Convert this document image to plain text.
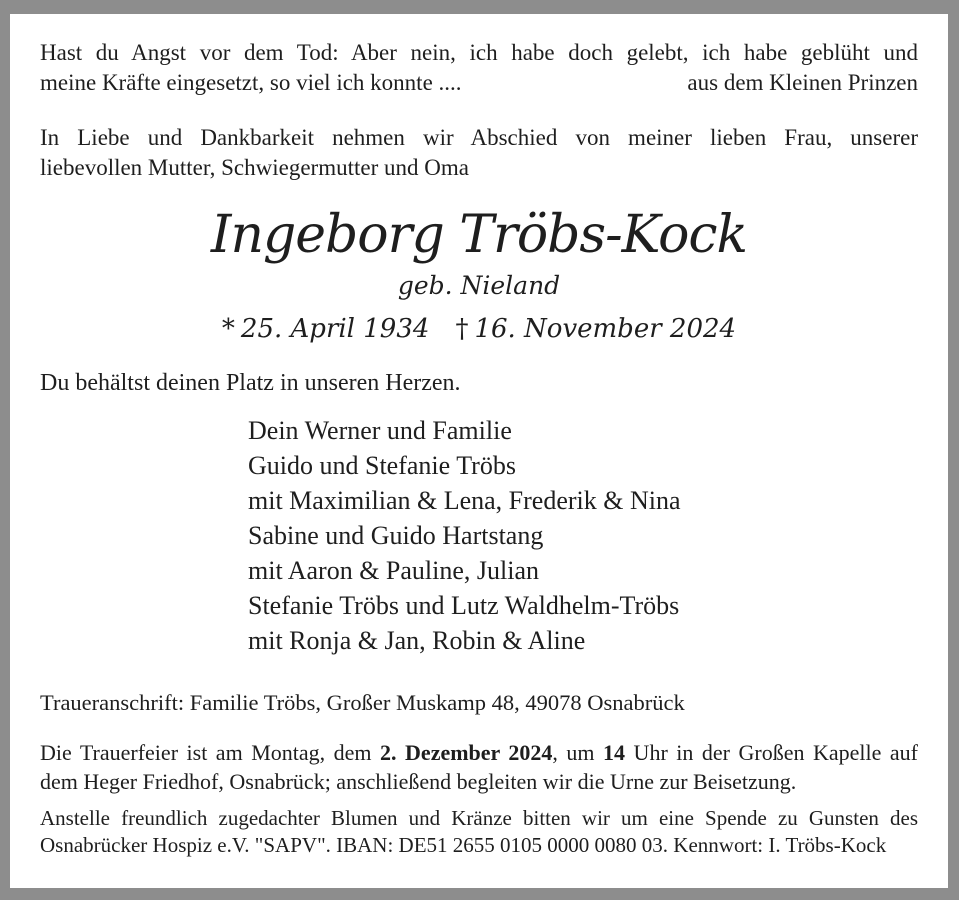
Hast du Angst vor dem Tod: Aber nein, ich habe doch gelebt, ich habe geblüht und
meine Kräfte eingesetzt, so viel ich konnte ....	aus dem Kleinen Prinzen
In Liebe und Dankbarkeit nehmen wir Abschied von meiner lieben Frau, unserer
liebevollen Mutter, Schwiegermutter und Oma
Ingeborg Tröbs-Kock
geb. Nieland
* 25. April 1934 † 16. November 2024
Du behältst deinen Platz in unseren Herzen.
Dein Werner und Familie
Guido und Stefanie Tröbs
mit Maximilian & Lena, Frederik & Nina
Sabine und Guido Hartstang
mit Aaron & Pauline, Julian
Stefanie Tröbs und Lutz Waldhelm-Tröbs
mit Ronja & Jan, Robin & Aline
Traueranschrift: Familie Tröbs, Großer Muskamp 48, 49078 Osnabrück
Die Trauerfeier ist am Montag, dem 2. Dezember 2024, um 14 Uhr in der Großen Kapelle auf
dem Heger Friedhof, Osnabrück; anschließend begleiten wir die Urne zur Beisetzung.
Anstelle freundlich zugedachter Blumen und Kränze bitten wir um eine Spende zu Gunsten des
Osnabrücker Hospiz e.V. "SAPV". IBAN: DE51 2655 0105 0000 0080 03. Kennwort: I. Tröbs-Kock
